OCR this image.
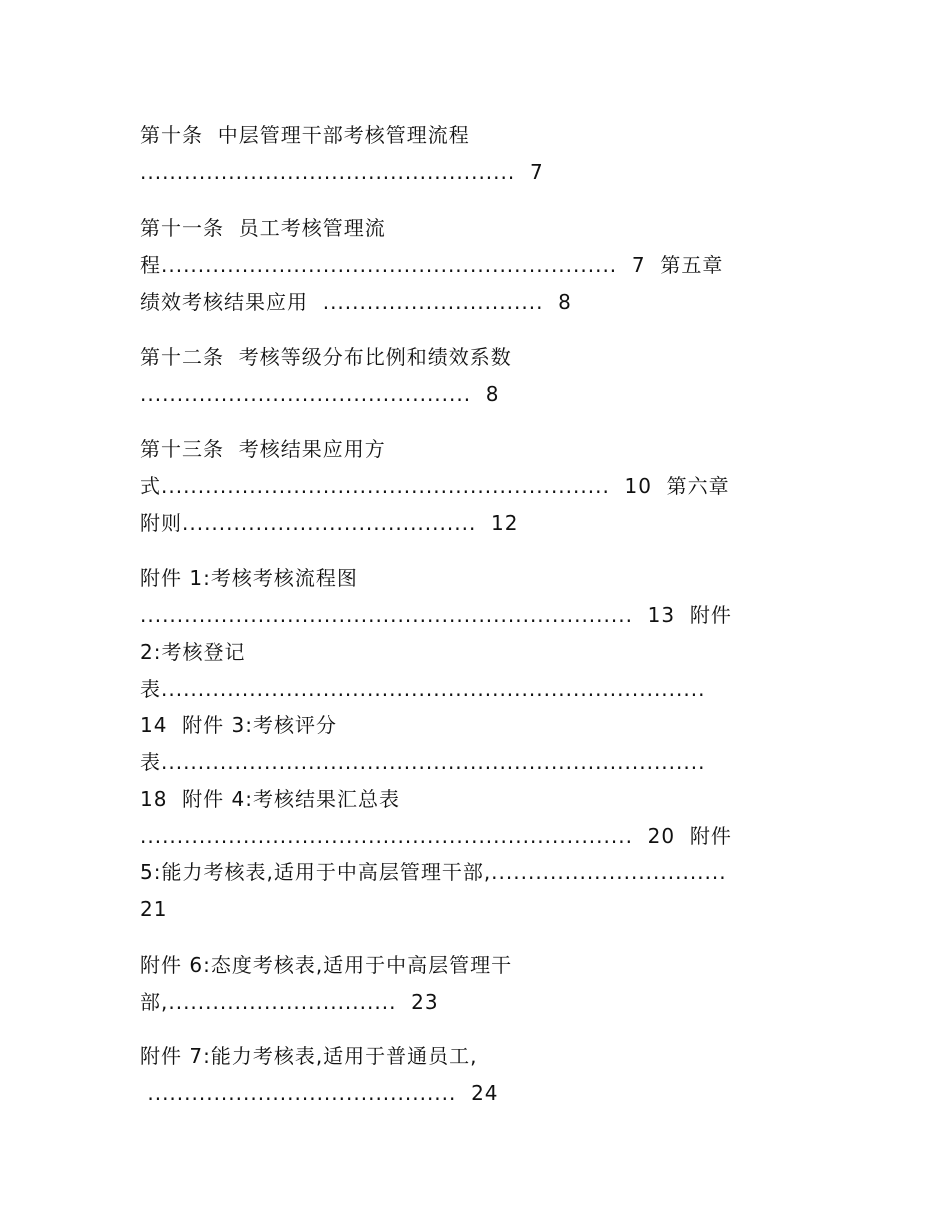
第十条  中层管理干部考核管理流程
...................................................  7
第十一条  员工考核管理流
程..............................................................  7  第五章
绩效考核结果应用  ..............................  8
第十二条  考核等级分布比例和绩效系数
.............................................  8
第十三条  考核结果应用方
式.............................................................  10  第六章
附则........................................  12
附件 1:考核考核流程图
...................................................................  13  附件
2:考核登记
表..........................................................................
14  附件 3:考核评分
表..........................................................................
18  附件 4:考核结果汇总表
...................................................................  20  附件
5:能力考核表,适用于中高层管理干部,................................
21
附件 6:态度考核表,适用于中高层管理干
部,...............................  23
附件 7:能力考核表,适用于普通员工,
..........................................  24
